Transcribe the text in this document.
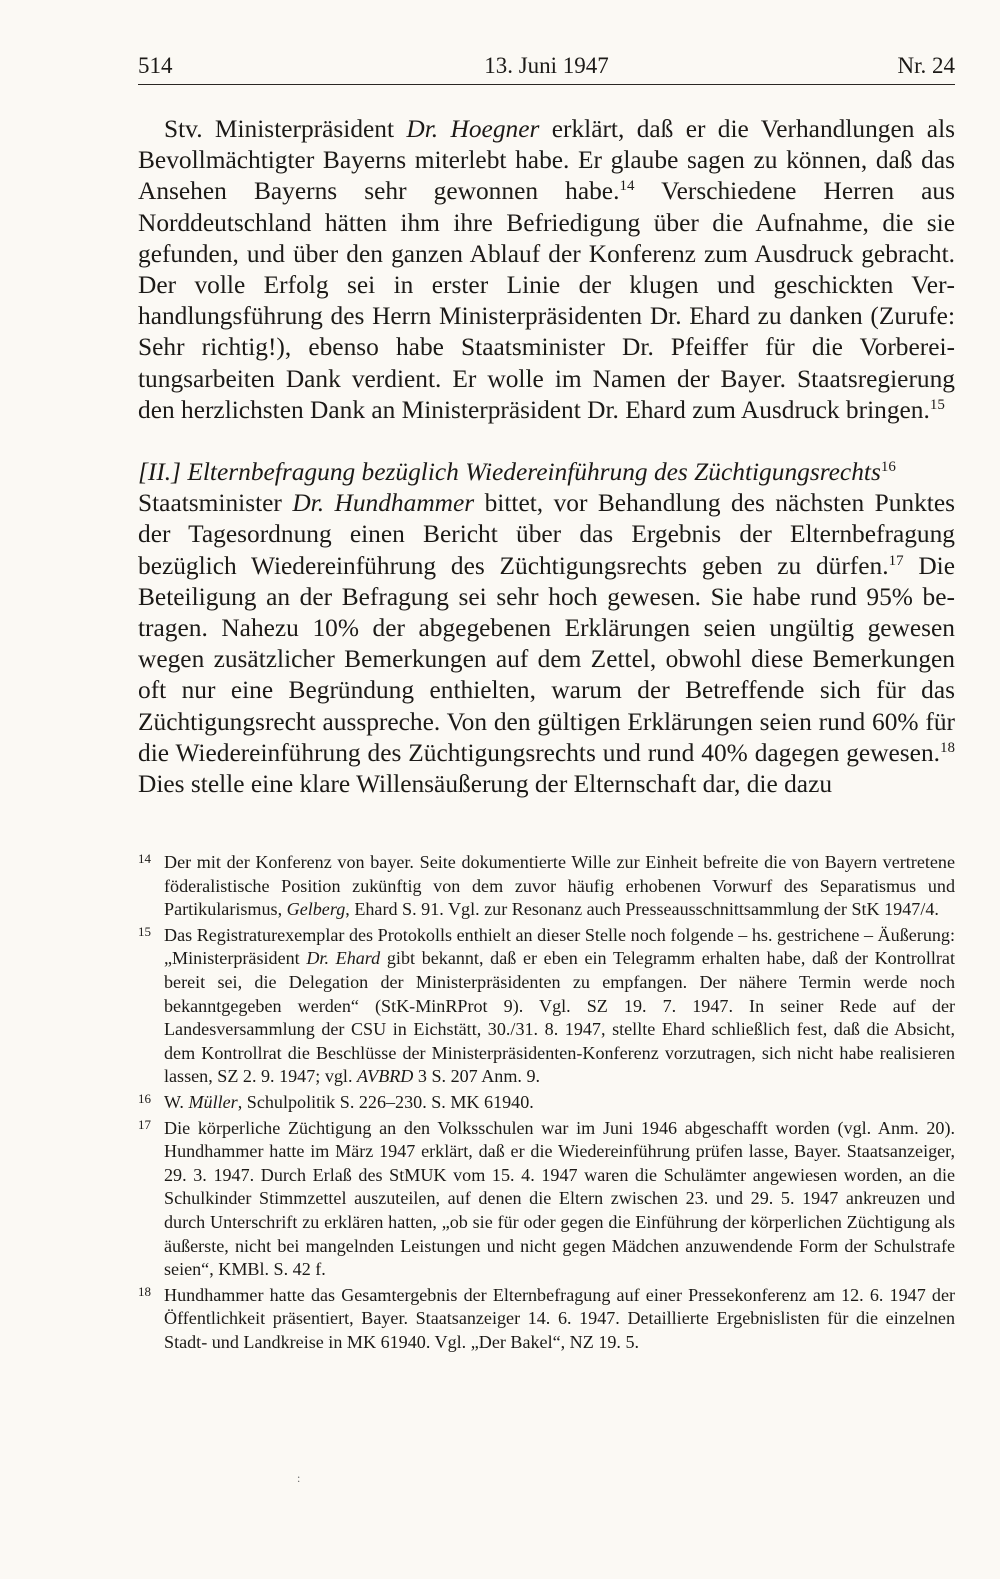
514	13. Juni 1947	Nr. 24

Stv. Ministerpräsident Dr. Hoegner erklärt, daß er die Verhandlungen als Bevollmächtigter Bayerns miterlebt habe. Er glaube sagen zu können, daß das Ansehen Bayerns sehr gewonnen habe.$^{14}$ Verschiedene Herren aus Norddeutschland hätten ihm ihre Befriedigung über die Aufnahme, die sie gefunden, und über den ganzen Ablauf der Konferenz zum Ausdruck gebracht. Der volle Erfolg sei in erster Linie der klugen und geschickten Verhandlungsführung des Herrn Ministerpräsidenten Dr. Ehard zu danken (Zurufe: Sehr richtig!), ebenso habe Staatsminister Dr. Pfeiffer für die Vorbereitungsarbeiten Dank verdient. Er wolle im Namen der Bayer. Staatsregierung den herzlichsten Dank an Ministerpräsident Dr. Ehard zum Ausdruck bringen.$^{15}$

[II.] Elternbefragung bezüglich Wiedereinführung des Züchtigungsrechts$^{16}$

Staatsminister Dr. Hundhammer bittet, vor Behandlung des nächsten Punktes der Tagesordnung einen Bericht über das Ergebnis der Elternbefragung bezüglich Wiedereinführung des Züchtigungsrechts geben zu dürfen.$^{17}$ Die Beteiligung an der Befragung sei sehr hoch gewesen. Sie habe rund 95% betragen. Nahezu 10% der abgegebenen Erklärungen seien ungültig gewesen wegen zusätzlicher Bemerkungen auf dem Zettel, obwohl diese Bemerkungen oft nur eine Begründung enthielten, warum der Betreffende sich für das Züchtigungsrecht ausspreche. Von den gültigen Erklärungen seien rund 60% für die Wiedereinführung des Züchtigungsrechts und rund 40% dagegen gewesen.$^{18}$ Dies stelle eine klare Willensäußerung der Elternschaft dar, die dazu

14 Der mit der Konferenz von bayer. Seite dokumentierte Wille zur Einheit befreite die von Bayern vertretene föderalistische Position zukünftig von dem zuvor häufig erhobenen Vorwurf des Separatismus und Partikularismus, Gelberg, Ehard S. 91. Vgl. zur Resonanz auch Presseausschnittsammlung der StK 1947/4.

15 Das Registraturexemplar des Protokolls enthielt an dieser Stelle noch folgende – hs. gestrichene – Äußerung: „Ministerpräsident Dr. Ehard gibt bekannt, daß er eben ein Telegramm erhalten habe, daß der Kontrollrat bereit sei, die Delegation der Ministerpräsidenten zu empfangen. Der nähere Termin werde noch bekanntgegeben werden“ (StK-MinRProt 9). Vgl. SZ 19. 7. 1947. In seiner Rede auf der Landesversammlung der CSU in Eichstätt, 30./31. 8. 1947, stellte Ehard schließlich fest, daß die Absicht, dem Kontrollrat die Beschlüsse der Ministerpräsidenten-Konferenz vorzutragen, sich nicht habe realisieren lassen, SZ 2. 9. 1947; vgl. AVBRD 3 S. 207 Anm. 9.

16 W. Müller, Schulpolitik S. 226–230. S. MK 61940.

17 Die körperliche Züchtigung an den Volksschulen war im Juni 1946 abgeschafft worden (vgl. Anm. 20). Hundhammer hatte im März 1947 erklärt, daß er die Wiedereinführung prüfen lasse, Bayer. Staatsanzeiger, 29. 3. 1947. Durch Erlaß des StMUK vom 15. 4. 1947 waren die Schulämter angewiesen worden, an die Schulkinder Stimmzettel auszuteilen, auf denen die Eltern zwischen 23. und 29. 5. 1947 ankreuzen und durch Unterschrift zu erklären hatten, „ob sie für oder gegen die Einführung der körperlichen Züchtigung als äußerste, nicht bei mangelnden Leistungen und nicht gegen Mädchen anzuwendende Form der Schulstrafe seien“, KMBl. S. 42 f.

18 Hundhammer hatte das Gesamtergebnis der Elternbefragung auf einer Pressekonferenz am 12. 6. 1947 der Öffentlichkeit präsentiert, Bayer. Staatsanzeiger 14. 6. 1947. Detaillierte Ergebnislisten für die einzelnen Stadt- und Landkreise in MK 61940. Vgl. „Der Bakel“, NZ 19. 5.

:
